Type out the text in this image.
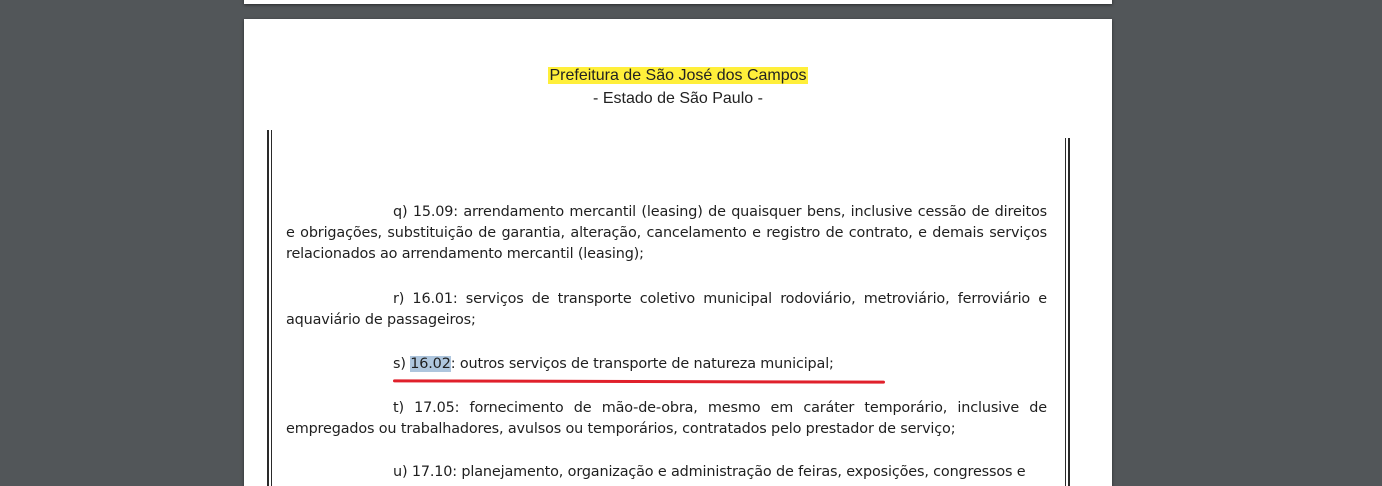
Prefeitura de São José dos Campos
- Estado de São Paulo -

q) 15.09: arrendamento mercantil (leasing) de quaisquer bens, inclusive cessão de direitos e obrigações, substituição de garantia, alteração, cancelamento e registro de contrato, e demais serviços relacionados ao arrendamento mercantil (leasing);

r) 16.01: serviços de transporte coletivo municipal rodoviário, metroviário, ferroviário e aquaviário de passageiros;

s) 16.02: outros serviços de transporte de natureza municipal;

t) 17.05: fornecimento de mão-de-obra, mesmo em caráter temporário, inclusive de empregados ou trabalhadores, avulsos ou temporários, contratados pelo prestador de serviço;

u) 17.10: planejamento, organização e administração de feiras, exposições, congressos e
